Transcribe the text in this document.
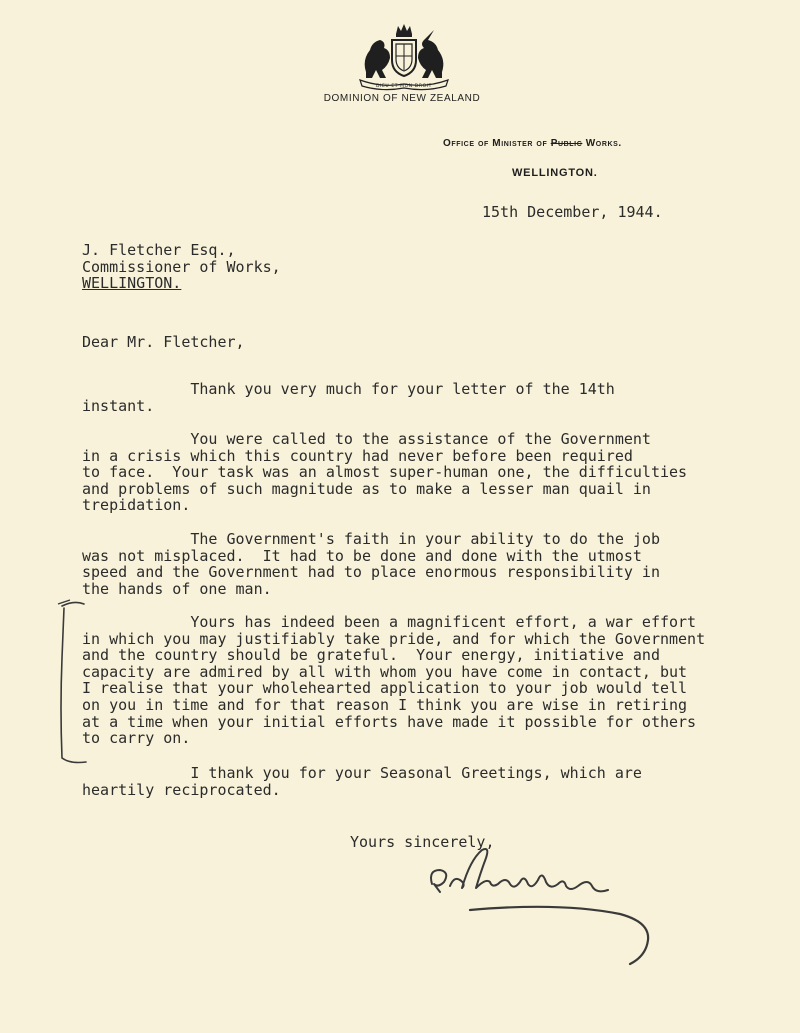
DIEU ET MON DROIT
DOMINION OF NEW ZEALAND
Office of Minister of Public Works.
WELLINGTON.
15th December, 1944.
J. Fletcher Esq.,
Commissioner of Works,
WELLINGTON.
Dear Mr. Fletcher,
Thank you very much for your letter of the 14th
instant.
You were called to the assistance of the Government
in a crisis which this country had never before been required
to face.  Your task was an almost super-human one, the difficulties
and problems of such magnitude as to make a lesser man quail in
trepidation.
The Government's faith in your ability to do the job
was not misplaced.  It had to be done and done with the utmost
speed and the Government had to place enormous responsibility in
the hands of one man.
Yours has indeed been a magnificent effort, a war effort
in which you may justifiably take pride, and for which the Government
and the country should be grateful.  Your energy, initiative and
capacity are admired by all with whom you have come in contact, but
I realise that your wholehearted application to your job would tell
on you in time and for that reason I think you are wise in retiring
at a time when your initial efforts have made it possible for others
to carry on.
I thank you for your Seasonal Greetings, which are
heartily reciprocated.
Yours sincerely,
